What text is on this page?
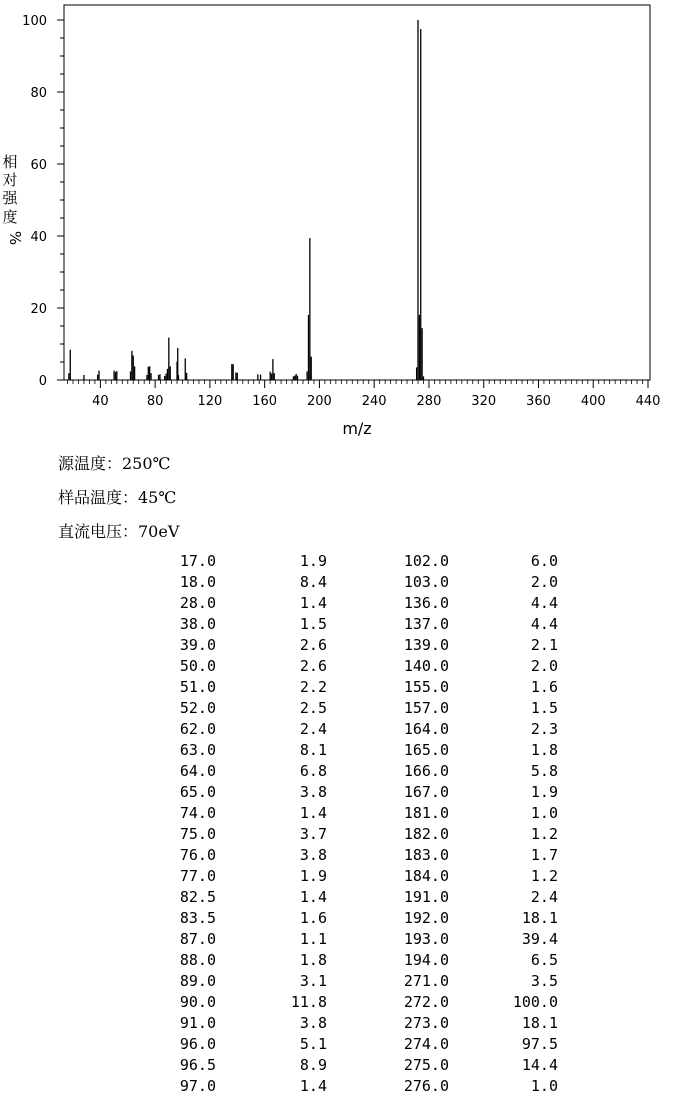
40	80	120 160 200 240 280 320 360 400 440
0
20
40
60
80
100
m/z
相
对
强
度
%
源温度：250℃
样品温度：45℃
直流电压：70eV
17.0
18.0
28.0
38.0
39.0
50.0
51.0
52.0
62.0
63.0
64.0
65.0
74.0
75.0
76.0
77.0
82.5
83.5
87.0
88.0
89.0
90.0
91.0
96.0
96.5
97.0
1.9
8.4
1.4
1.5
2.6
2.6
2.2
2.5
2.4
8.1
6.8
3.8
1.4
3.7
3.8
1.9
1.4
1.6
1.1
1.8
3.1
11.8
3.8
5.1
8.9
1.4
102.0
103.0
136.0
137.0
139.0
140.0
155.0
157.0
164.0
165.0
166.0
167.0
181.0
182.0
183.0
184.0
191.0
192.0
193.0
194.0
271.0
272.0
273.0
274.0
275.0
276.0
6.0
2.0
4.4
4.4
2.1
2.0
1.6
1.5
2.3
1.8
5.8
1.9
1.0
1.2
1.7
1.2
2.4
18.1
39.4
6.5
3.5
100.0
18.1
97.5
14.4
1.0
